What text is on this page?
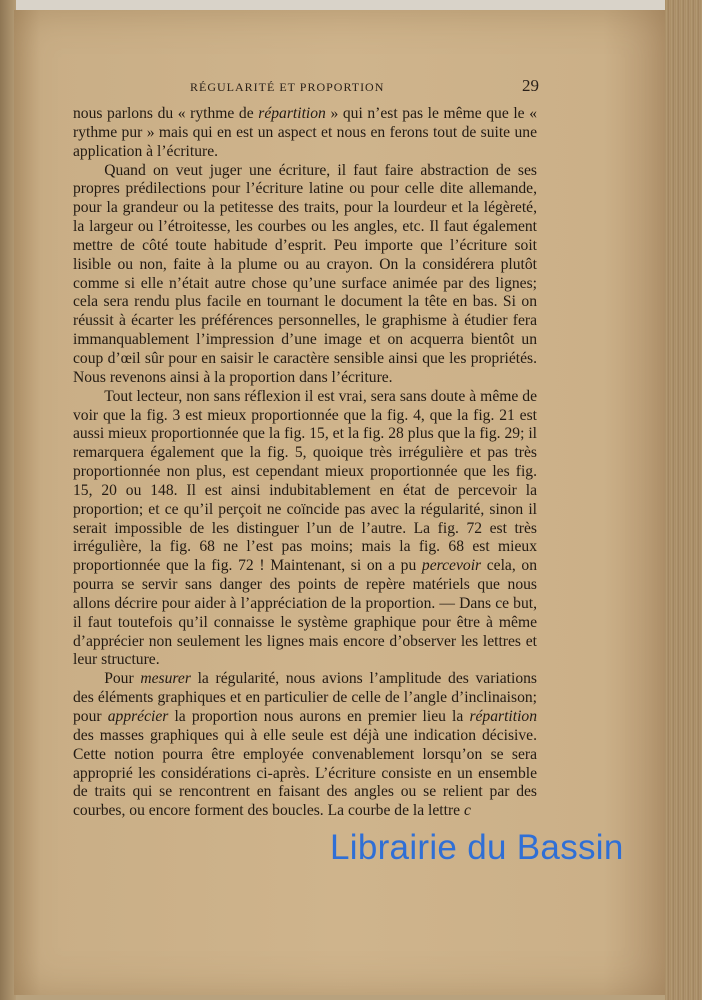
RÉGULARITÉ ET PROPORTION	29

nous parlons du « rythme de répartition » qui n’est pas le même que le « rythme pur » mais qui en est un aspect et nous en ferons tout de suite une application à l’écriture.

Quand on veut juger une écriture, il faut faire abstraction de ses propres prédilections pour l’écriture latine ou pour celle dite allemande, pour la grandeur ou la petitesse des traits, pour la lourdeur et la légèreté, la largeur ou l’étroitesse, les courbes ou les angles, etc. Il faut également mettre de côté toute habitude d’esprit. Peu importe que l’écriture soit lisible ou non, faite à la plume ou au crayon. On la considérera plutôt comme si elle n’était autre chose qu’une surface animée par des lignes; cela sera rendu plus facile en tournant le document la tête en bas. Si on réussit à écarter les préférences personnelles, le graphisme à étudier fera immanquablement l’impression d’une image et on acquerra bientôt un coup d’œil sûr pour en saisir le caractère sensible ainsi que les propriétés. Nous revenons ainsi à la proportion dans l’écriture.

Tout lecteur, non sans réflexion il est vrai, sera sans doute à même de voir que la fig. 3 est mieux proportionnée que la fig. 4, que la fig. 21 est aussi mieux proportionnée que la fig. 15, et la fig. 28 plus que la fig. 29; il remarquera également que la fig. 5, quoique très irrégulière et pas très proportionnée non plus, est cependant mieux proportionnée que les fig. 15, 20 ou 148. Il est ainsi indubitablement en état de percevoir la proportion; et ce qu’il perçoit ne coïncide pas avec la régularité, sinon il serait impossible de les distinguer l’un de l’autre. La fig. 72 est très irrégulière, la fig. 68 ne l’est pas moins; mais la fig. 68 est mieux proportionnée que la fig. 72 ! Maintenant, si on a pu percevoir cela, on pourra se servir sans danger des points de repère matériels que nous allons décrire pour aider à l’appréciation de la proportion. — Dans ce but, il faut toutefois qu’il connaisse le système graphique pour être à même d’apprécier non seulement les lignes mais encore d’observer les lettres et leur structure.

Pour mesurer la régularité, nous avions l’amplitude des variations des éléments graphiques et en particulier de celle de l’angle d’inclinaison; pour apprécier la proportion nous aurons en premier lieu la répartition des masses graphiques qui à elle seule est déjà une indication décisive. Cette notion pourra être employée convenablement lorsqu’on se sera approprié les considérations ci-après. L’écriture consiste en un ensemble de traits qui se rencontrent en faisant des angles ou se relient par des courbes, ou encore forment des boucles. La courbe de la lettre c

Librairie du Bassin
